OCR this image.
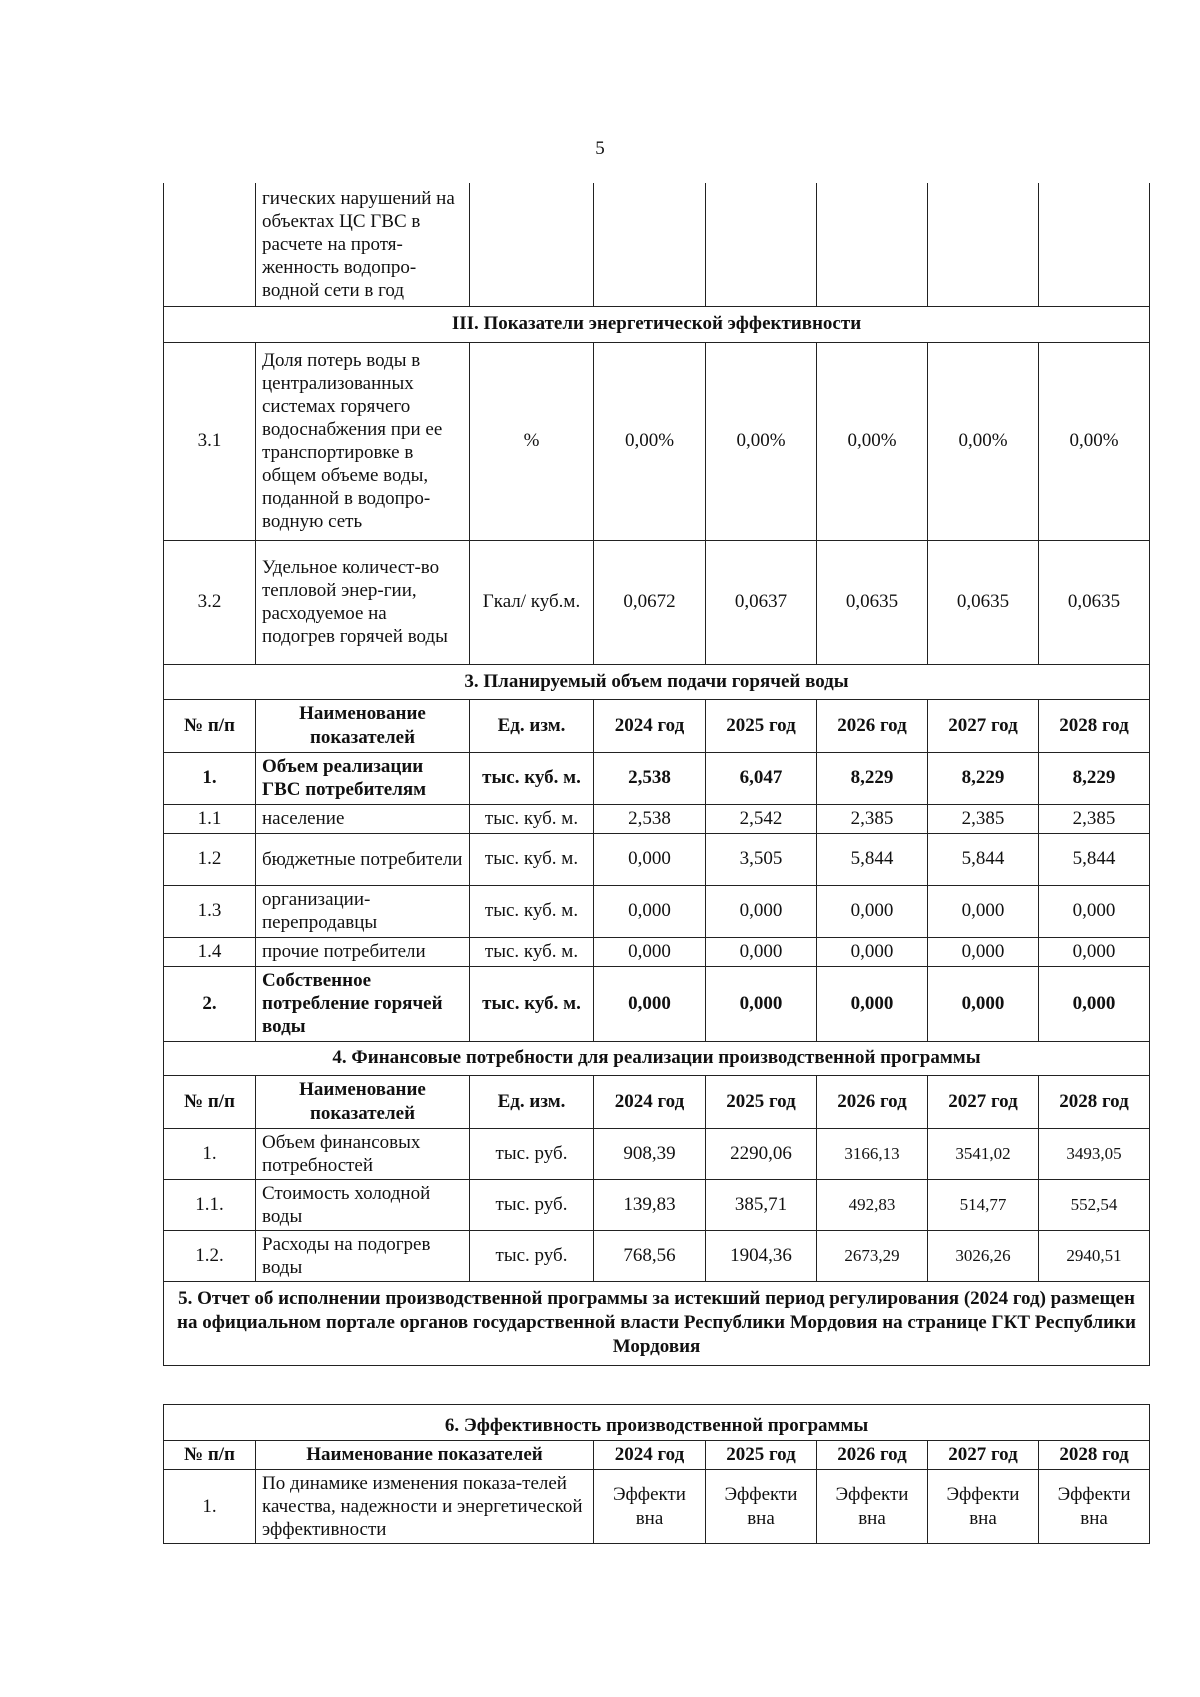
5
	гических нарушений на объектах ЦС ГВС в расчете на протя-женность водопро-водной сети в год						
III. Показатели энергетической эффективности							
3.1	Доля потерь воды в централизованных системах горячего водоснабжения при ее транспортировке в общем объеме воды, поданной в водопро-водную сеть	%	0,00%	0,00%	0,00%	0,00%	0,00%
3.2	Удельное количест-во тепловой энер-гии, расходуемое на подогрев горячей воды	Гкал/ куб.м.	0,0672	0,0637	0,0635	0,0635	0,0635
3. Планируемый объем подачи горячей воды							
№ п/п	Наименование показателей	Ед. изм.	2024 год	2025 год	2026 год	2027 год	2028 год
1.	Объем реализации ГВС потребителям	тыс. куб. м.	2,538	6,047	8,229	8,229	8,229
1.1	население	тыс. куб. м.	2,538	2,542	2,385	2,385	2,385
1.2	бюджетные потребители	тыс. куб. м.	0,000	3,505	5,844	5,844	5,844
1.3	организации-перепродавцы	тыс. куб. м.	0,000	0,000	0,000	0,000	0,000
1.4	прочие потребители	тыс. куб. м.	0,000	0,000	0,000	0,000	0,000
2.	Собственное потребление горячей воды	тыс. куб. м.	0,000	0,000	0,000	0,000	0,000
4. Финансовые потребности для реализации производственной программы							
№ п/п	Наименование показателей	Ед. изм.	2024 год	2025 год	2026 год	2027 год	2028 год
1.	Объем финансовых потребностей	тыс. руб.	908,39	2290,06	3166,13	3541,02	3493,05
1.1.	Стоимость холодной воды	тыс. руб.	139,83	385,71	492,83	514,77	552,54
1.2.	Расходы на подогрев воды	тыс. руб.	768,56	1904,36	2673,29	3026,26	2940,51
5. Отчет об исполнении производственной программы за истекший период регулирования (2024 год) размещен на официальном портале органов государственной власти Республики Мордовия на странице ГКТ Республики Мордовия							
6. Эффективность производственной программы						
№ п/п	Наименование показателей	2024 год	2025 год	2026 год	2027 год	2028 год
1.	По динамике изменения показа-телей качества, надежности и энергетической эффективности	Эффекти вна	Эффекти вна	Эффекти вна	Эффекти вна	Эффекти вна
